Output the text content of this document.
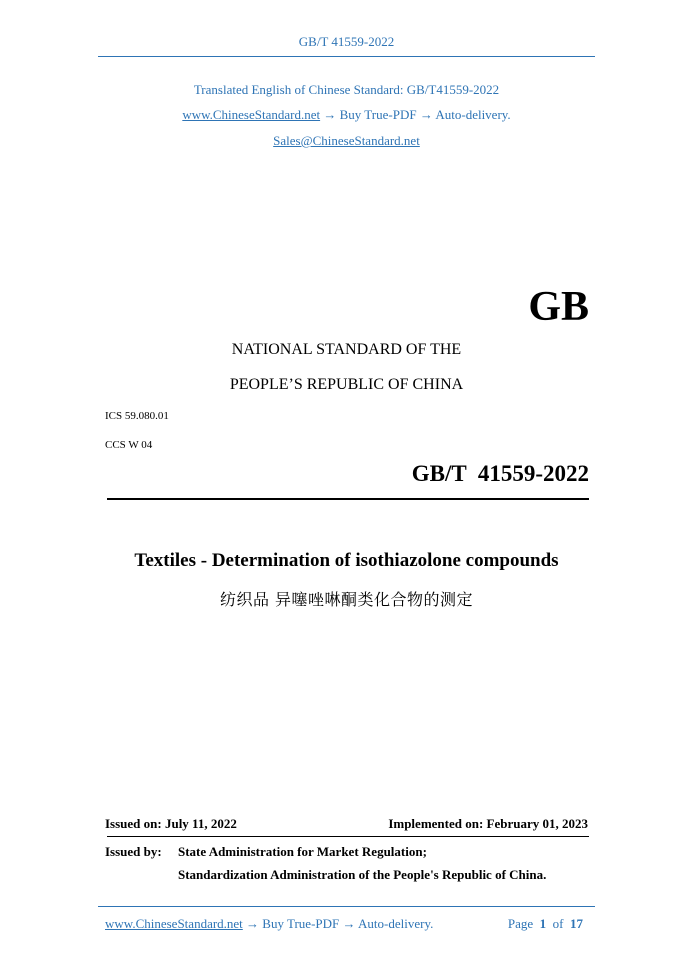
GB/T 41559-2022
Translated English of Chinese Standard: GB/T41559-2022
www.ChineseStandard.net → Buy True-PDF → Auto-delivery.
Sales@ChineseStandard.net
GB
NATIONAL STANDARD OF THE
PEOPLE’S REPUBLIC OF CHINA
ICS 59.080.01
CCS W 04
GB/T  41559-2022
Textiles - Determination of isothiazolone compounds
纺织品 异噻唑啉酮类化合物的测定
Issued on: July 11, 2022	Implemented on: February 01, 2023
Issued by: State Administration for Market Regulation;
Standardization Administration of the People's Republic of China.
www.ChineseStandard.net → Buy True-PDF → Auto-delivery.	Page 1 of 17
